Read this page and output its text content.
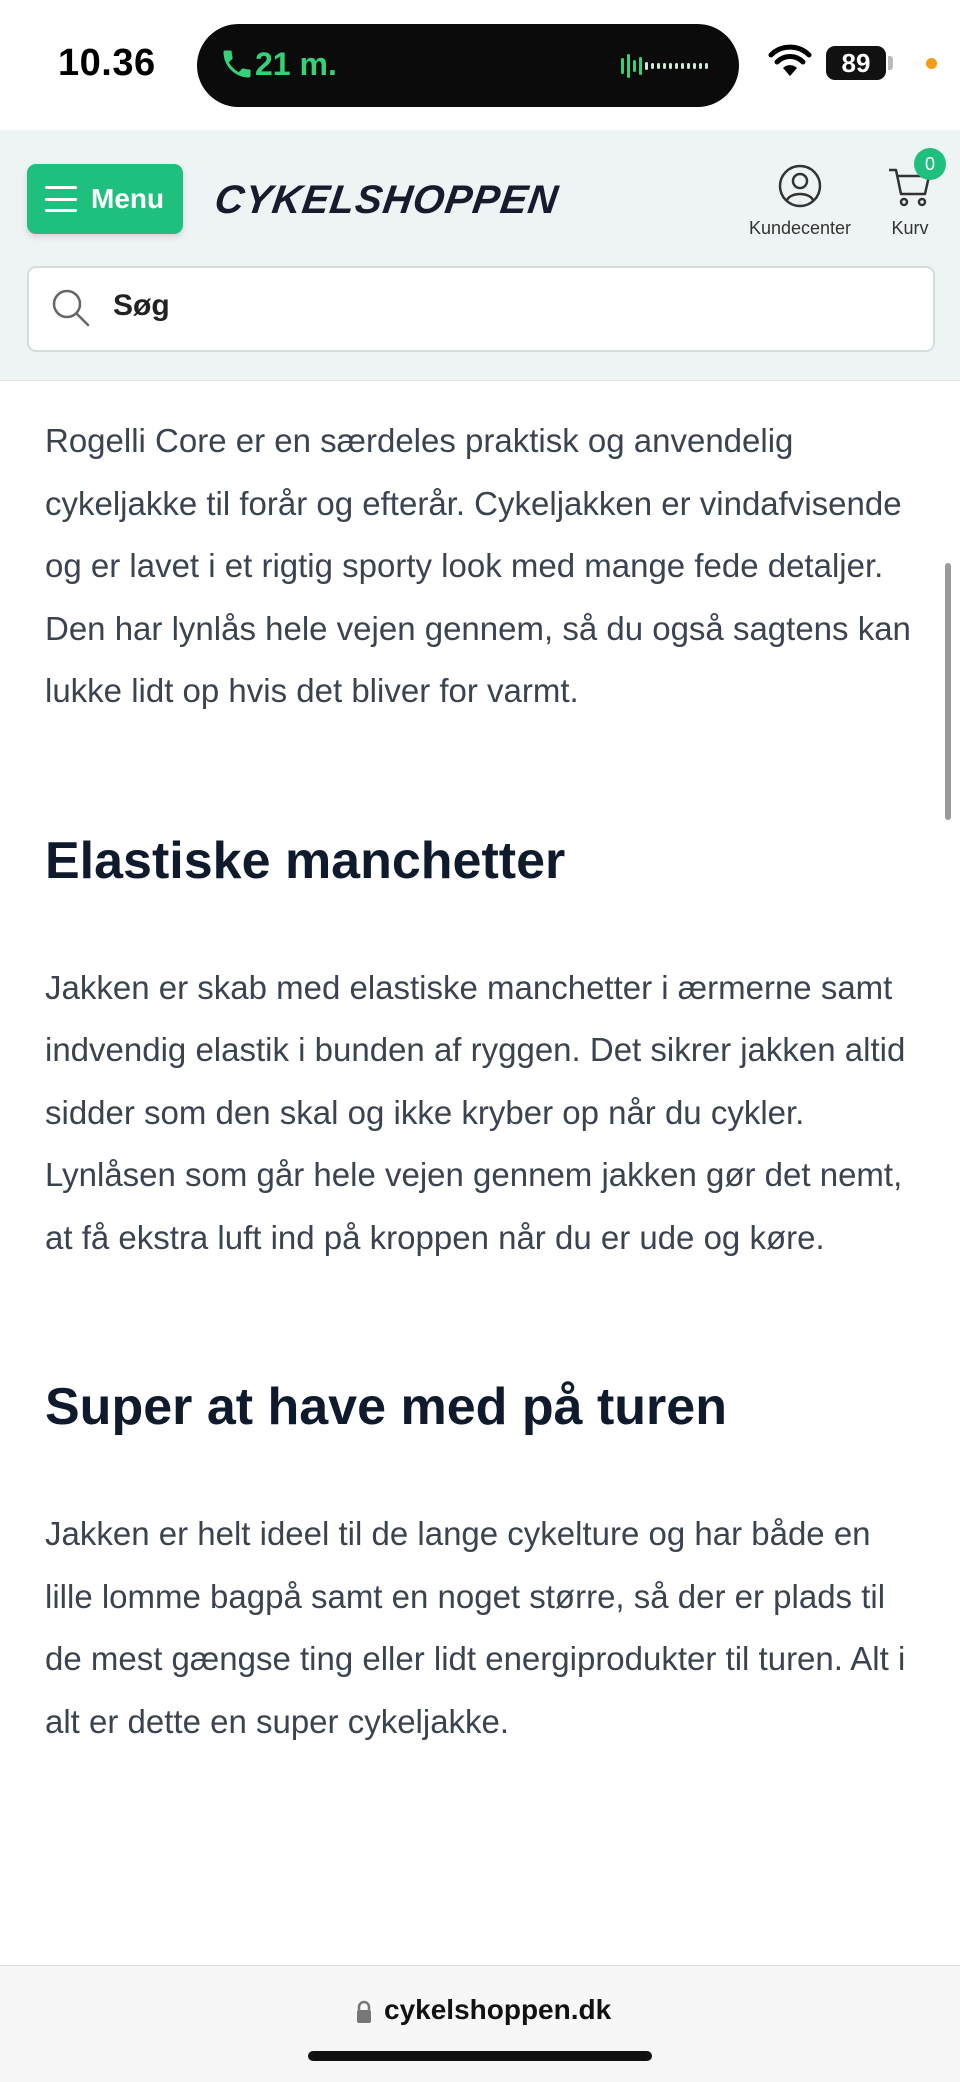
10.36	21 m.	89
Menu CYKELSHOPPEN
Kundecenter
0
Kurv
Søg

Rogelli Core er en særdeles praktisk og anvendelig cykeljakke til forår og efterår. Cykeljakken er vindafvisende og er lavet i et rigtig sporty look med mange fede detaljer. Den har lynlås hele vejen gennem, så du også sagtens kan lukke lidt op hvis det bliver for varmt.

Elastiske manchetter

Jakken er skab med elastiske manchetter i ærmerne samt indvendig elastik i bunden af ryggen. Det sikrer jakken altid sidder som den skal og ikke kryber op når du cykler. Lynlåsen som går hele vejen gennem jakken gør det nemt, at få ekstra luft ind på kroppen når du er ude og køre.

Super at have med på turen

Jakken er helt ideel til de lange cykelture og har både en lille lomme bagpå samt en noget større, så der er plads til de mest gængse ting eller lidt energiprodukter til turen. Alt i alt er dette en super cykeljakke.

cykelshoppen.dk
